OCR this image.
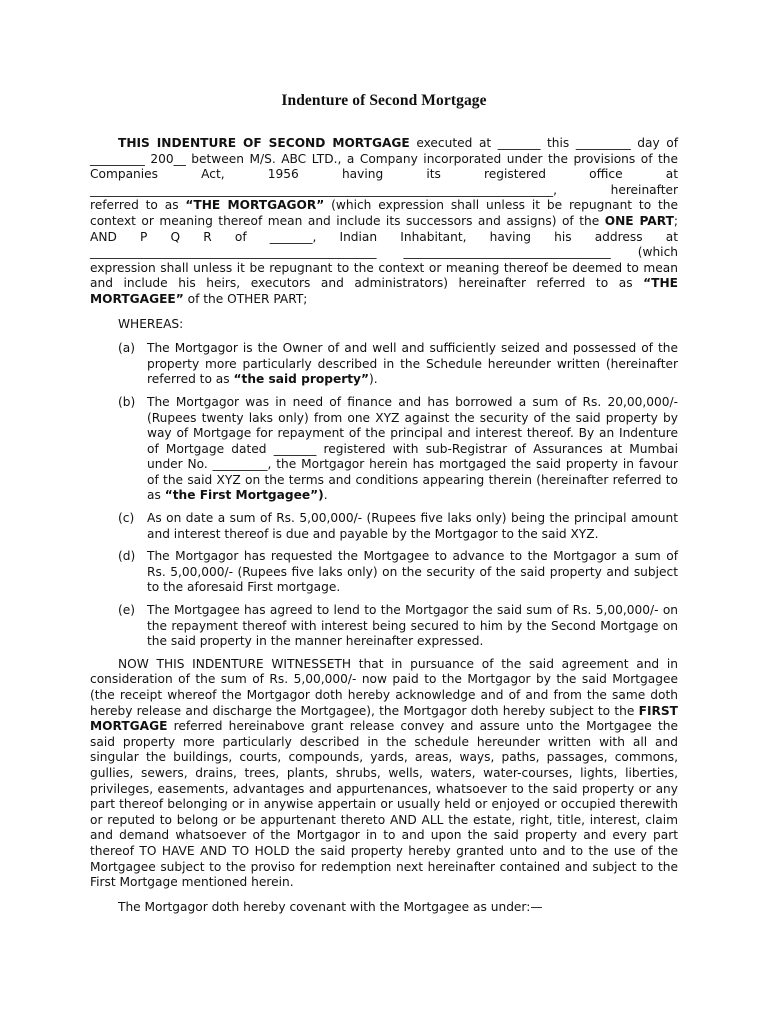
Indenture of Second Mortgage

THIS INDENTURE OF SECOND MORTGAGE executed at _______ this _________ day of _________ 200__ between M/S. ABC LTD., a Company incorporated under the provisions of the Companies Act, 1956 having its registered office at ____________________________________________________________________________, hereinafter referred to as “THE MORTGAGOR” (which expression shall unless it be repugnant to the context or meaning thereof mean and include its successors and assigns) of the ONE PART; AND P Q R of _______, Indian Inhabitant, having his address at _______________________________________________ __________________________________ (which expression shall unless it be repugnant to the context or meaning thereof be deemed to mean and include his heirs, executors and administrators) hereinafter referred to as “THE MORTGAGEE” of the OTHER PART;

WHEREAS:

(a) The Mortgagor is the Owner of and well and sufficiently seized and possessed of the property more particularly described in the Schedule hereunder written (hereinafter referred to as “the said property”).
(b) The Mortgagor was in need of finance and has borrowed a sum of Rs. 20,00,000/- (Rupees twenty laks only) from one XYZ against the security of the said property by way of Mortgage for repayment of the principal and interest thereof. By an Indenture of Mortgage dated _______ registered with sub-Registrar of Assurances at Mumbai under No. _________, the Mortgagor herein has mortgaged the said property in favour of the said XYZ on the terms and conditions appearing therein (hereinafter referred to as “the First Mortgagee”).
(c)	As on date a sum of Rs. 5,00,000/- (Rupees five laks only) being the principal amount and interest thereof is due and payable by the Mortgagor to the said XYZ.
(d) The Mortgagor has requested the Mortgagee to advance to the Mortgagor a sum of Rs. 5,00,000/- (Rupees five laks only) on the security of the said property and subject to the aforesaid First mortgage.
(e) The Mortgagee has agreed to lend to the Mortgagor the said sum of Rs. 5,00,000/- on the repayment thereof with interest being secured to him by the Second Mortgage on the said property in the manner hereinafter expressed.

NOW THIS INDENTURE WITNESSETH that in pursuance of the said agreement and in consideration of the sum of Rs. 5,00,000/- now paid to the Mortgagor by the said Mortgagee (the receipt whereof the Mortgagor doth hereby acknowledge and of and from the same doth hereby release and discharge the Mortgagee), the Mortgagor doth hereby subject to the FIRST MORTGAGE referred hereinabove grant release convey and assure unto the Mortgagee the said property more particularly described in the schedule hereunder written with all and singular the buildings, courts, compounds, yards, areas, ways, paths, passages, commons, gullies, sewers, drains, trees, plants, shrubs, wells, waters, water-courses, lights, liberties, privileges, easements, advantages and appurtenances, whatsoever to the said property or any part thereof belonging or in anywise appertain or usually held or enjoyed or occupied therewith or reputed to belong or be appurtenant thereto AND ALL the estate, right, title, interest, claim and demand whatsoever of the Mortgagor in to and upon the said property and every part thereof TO HAVE AND TO HOLD the said property hereby granted unto and to the use of the Mortgagee subject to the proviso for redemption next hereinafter contained and subject to the First Mortgage mentioned herein.

The Mortgagor doth hereby covenant with the Mortgagee as under:—
